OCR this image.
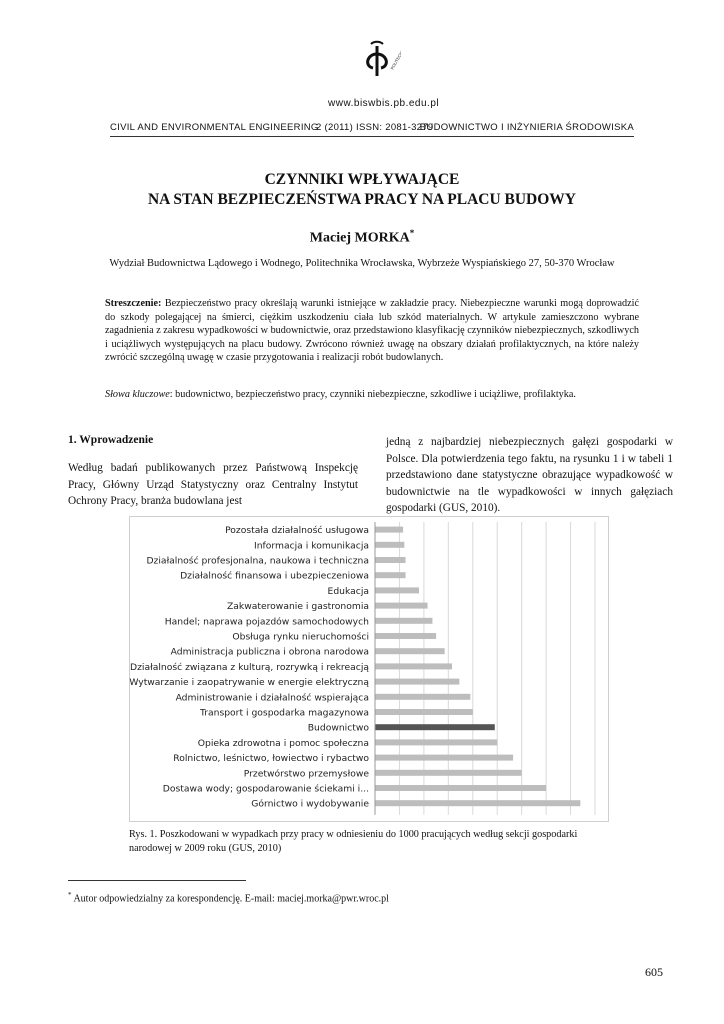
POLITECHNIKA
www.biswbis.pb.edu.pl
CIVIL AND ENVIRONMENTAL ENGINEERING
2 (2011) ISSN: 2081-3279
BUDOWNICTWO I INŻYNIERIA ŚRODOWISKA
CZYNNIKI WPŁYWAJĄCE
NA STAN BEZPIECZEŃSTWA PRACY NA PLACU BUDOWY
Maciej MORKA*
Wydział Budownictwa Lądowego i Wodnego, Politechnika Wrocławska, Wybrzeże Wyspiańskiego 27, 50-370 Wrocław
Streszczenie: Bezpieczeństwo pracy określają warunki istniejące w zakładzie pracy. Niebezpieczne warunki mogą doprowadzić do szkody polegającej na śmierci, ciężkim uszkodzeniu ciała lub szkód materialnych. W artykule zamieszczono wybrane zagadnienia z zakresu wypadkowości w budownictwie, oraz przedstawiono klasyfikację czynników niebezpiecznych, szkodliwych i uciążliwych występujących na placu budowy. Zwrócono również uwagę na obszary działań profilaktycznych, na które należy zwrócić szczególną uwagę w czasie przygotowania i realizacji robót budowlanych.
Słowa kluczowe: budownictwo, bezpieczeństwo pracy, czynniki niebezpieczne, szkodliwe i uciążliwe, profilaktyka.
1. Wprowadzenie
Według badań publikowanych przez Państwową Inspekcję Pracy, Główny Urząd Statystyczny oraz Centralny Instytut Ochrony Pracy, branża budowlana jest
jedną z najbardziej niebezpiecznych gałęzi gospodarki w Polsce. Dla potwierdzenia tego faktu, na rysunku 1 i w tabeli 1 przedstawiono dane statystyczne obrazujące wypadkowość w budownictwie na tle wypadkowości w innych gałęziach gospodarki (GUS, 2010).
Pozostała działalność usługowa
Informacja i komunikacja
Działalność profesjonalna, naukowa i techniczna
Działalność finansowa i ubezpieczeniowa
Edukacja
Zakwaterowanie i gastronomia
Handel; naprawa pojazdów samochodowych
Obsługa rynku nieruchomości
Administracja publiczna i obrona narodowa
Działalność związana z kulturą, rozrywką i rekreacją
Wytwarzanie i zaopatrywanie w energie elektryczną
Administrowanie i działalność wspierająca
Transport i gospodarka magazynowa
Budownictwo
Opieka zdrowotna i pomoc społeczna
Rolnictwo, leśnictwo, łowiectwo i rybactwo
Przetwórstwo przemysłowe
Dostawa wody; gospodarowanie ściekami i...
Górnictwo i wydobywanie
Rys. 1. Poszkodowani w wypadkach przy pracy w odniesieniu do 1000 pracujących według sekcji gospodarki narodowej w 2009 roku (GUS, 2010)
* Autor odpowiedzialny za korespondencję. E-mail: maciej.morka@pwr.wroc.pl
605
